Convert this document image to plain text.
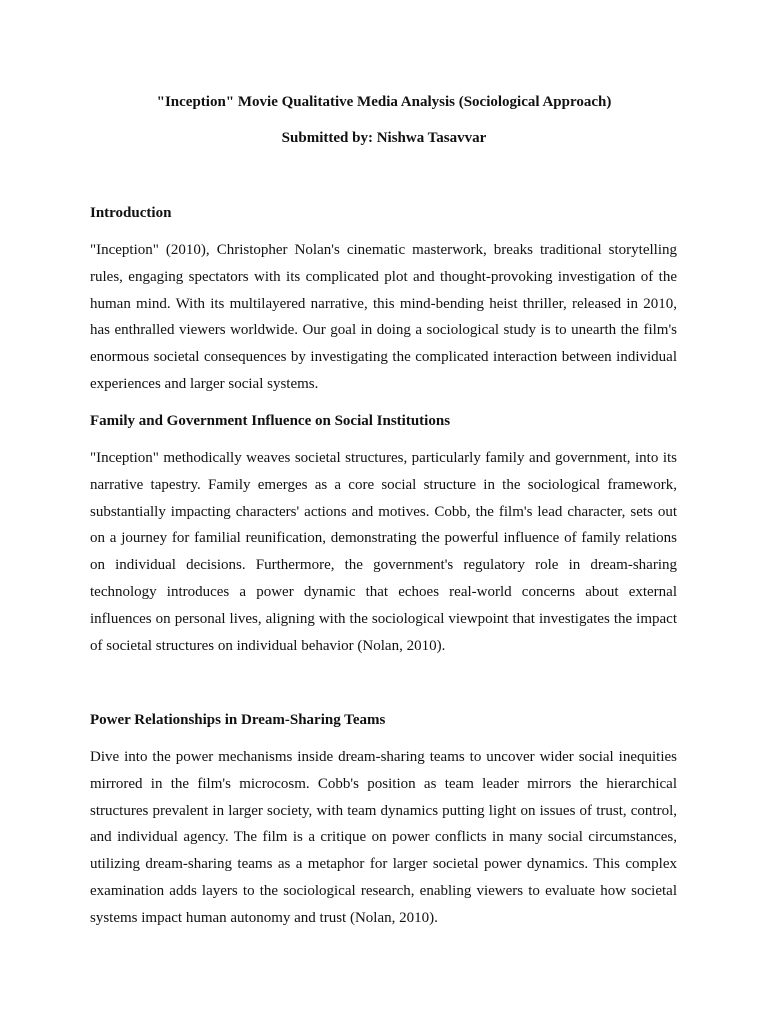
"Inception" Movie Qualitative Media Analysis (Sociological Approach)

Submitted by: Nishwa Tasavvar

Introduction

"Inception" (2010), Christopher Nolan's cinematic masterwork, breaks traditional storytelling rules, engaging spectators with its complicated plot and thought-provoking investigation of the human mind. With its multilayered narrative, this mind-bending heist thriller, released in 2010, has enthralled viewers worldwide. Our goal in doing a sociological study is to unearth the film's enormous societal consequences by investigating the complicated interaction between individual experiences and larger social systems.

Family and Government Influence on Social Institutions

"Inception" methodically weaves societal structures, particularly family and government, into its narrative tapestry. Family emerges as a core social structure in the sociological framework, substantially impacting characters' actions and motives. Cobb, the film's lead character, sets out on a journey for familial reunification, demonstrating the powerful influence of family relations on individual decisions. Furthermore, the government's regulatory role in dream-sharing technology introduces a power dynamic that echoes real-world concerns about external influences on personal lives, aligning with the sociological viewpoint that investigates the impact of societal structures on individual behavior (Nolan, 2010).

Power Relationships in Dream-Sharing Teams

Dive into the power mechanisms inside dream-sharing teams to uncover wider social inequities mirrored in the film's microcosm. Cobb's position as team leader mirrors the hierarchical structures prevalent in larger society, with team dynamics putting light on issues of trust, control, and individual agency. The film is a critique on power conflicts in many social circumstances, utilizing dream-sharing teams as a metaphor for larger societal power dynamics. This complex examination adds layers to the sociological research, enabling viewers to evaluate how societal systems impact human autonomy and trust (Nolan, 2010).
